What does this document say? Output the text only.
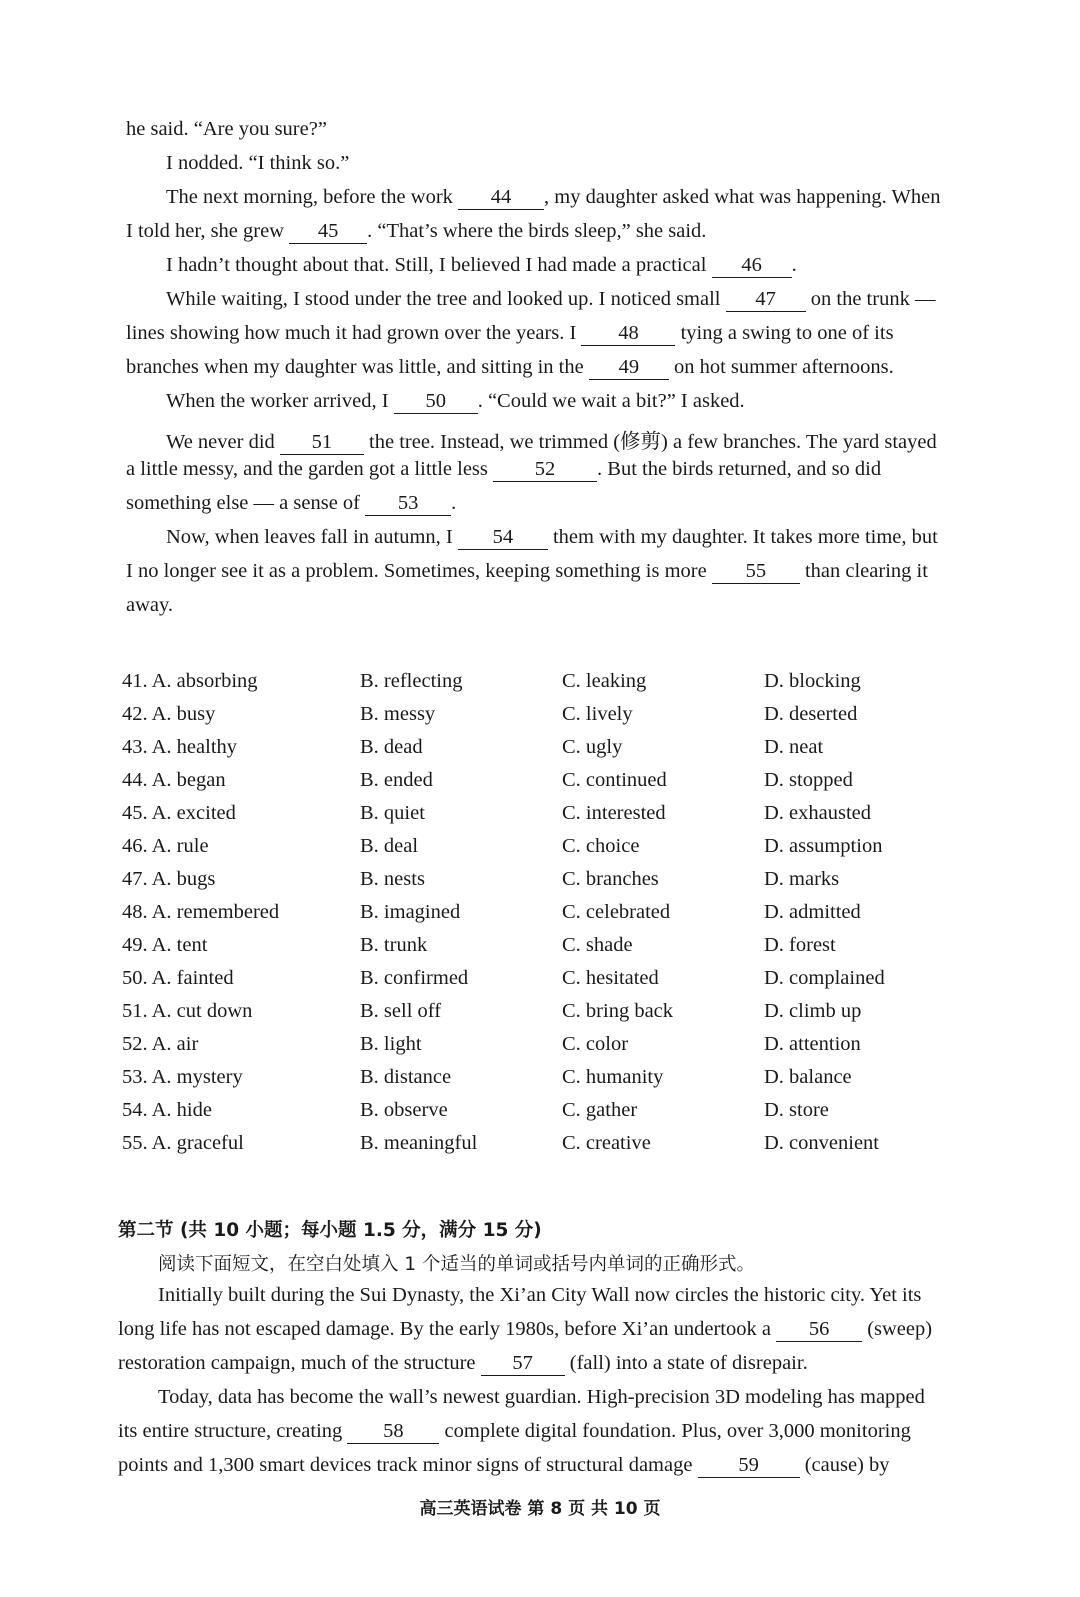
he said. “Are you sure?”
I nodded. “I think so.”
The next morning, before the work 44 , my daughter asked what was happening. When
I told her, she grew 45 . “That’s where the birds sleep,” she said.
I hadn’t thought about that. Still, I believed I had made a practical 46 .
While waiting, I stood under the tree and looked up. I noticed small 47 on the trunk —
lines showing how much it had grown over the years. I 48 tying a swing to one of its
branches when my daughter was little, and sitting in the 49 on hot summer afternoons.
When the worker arrived, I 50 . “Could we wait a bit?” I asked.
We never did 51 the tree. Instead, we trimmed (修剪) a few branches. The yard stayed
a little messy, and the garden got a little less 52 . But the birds returned, and so did
something else — a sense of 53 .
Now, when leaves fall in autumn, I 54 them with my daughter. It takes more time, but
I no longer see it as a problem. Sometimes, keeping something is more 55 than clearing it
away.
41. A. absorbing	B. reflecting	C. leaking	D. blocking
42. A. busy	B. messy	C. lively	D. deserted
43. A. healthy	B. dead	C. ugly	D. neat
44. A. began	B. ended	C. continued	D. stopped
45. A. excited	B. quiet	C. interested	D. exhausted
46. A. rule	B. deal	C. choice	D. assumption
47. A. bugs	B. nests	C. branches	D. marks
48. A. remembered	B. imagined	C. celebrated	D. admitted
49. A. tent	B. trunk	C. shade	D. forest
50. A. fainted	B. confirmed	C. hesitated	D. complained
51. A. cut down	B. sell off	C. bring back	D. climb up
52. A. air	B. light	C. color	D. attention
53. A. mystery	B. distance	C. humanity	D. balance
54. A. hide	B. observe	C. gather	D. store
55. A. graceful	B. meaningful	C. creative	D. convenient
第二节 (共 10 小题；每小题 1.5 分，满分 15 分)
阅读下面短文，在空白处填入 1 个适当的单词或括号内单词的正确形式。
Initially built during the Sui Dynasty, the Xi’an City Wall now circles the historic city. Yet its
long life has not escaped damage. By the early 1980s, before Xi’an undertook a 56 (sweep)
restoration campaign, much of the structure 57 (fall) into a state of disrepair.
Today, data has become the wall’s newest guardian. High-precision 3D modeling has mapped
its entire structure, creating 58 complete digital foundation. Plus, over 3,000 monitoring
points and 1,300 smart devices track minor signs of structural damage 59 (cause) by
高三英语试卷 第 8 页 共 10 页
